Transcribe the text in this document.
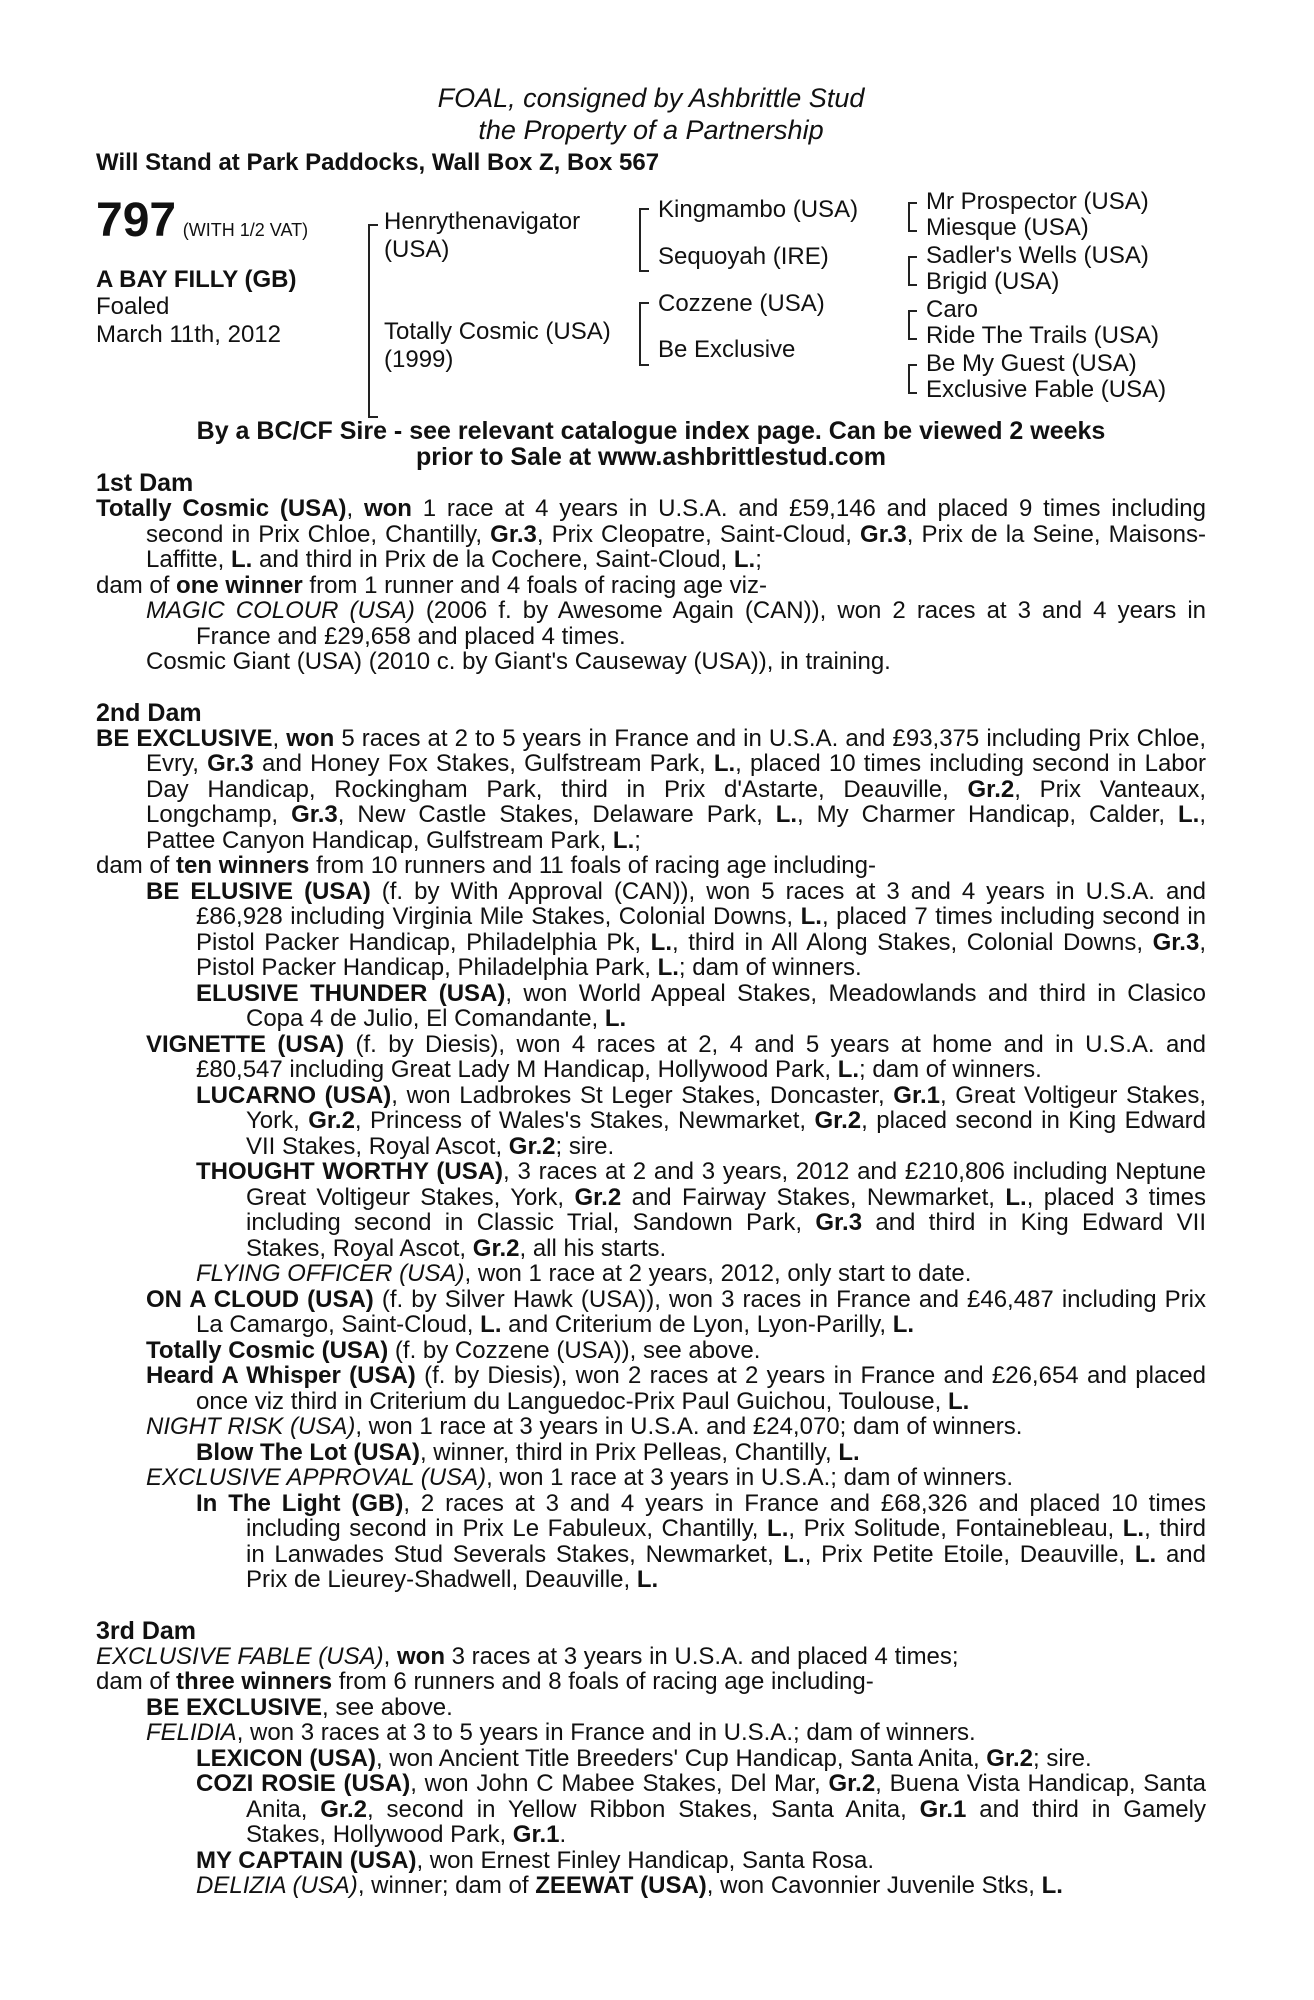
FOAL, consigned by Ashbrittle Stud
the Property of a Partnership
Will Stand at Park Paddocks, Wall Box Z, Box 567
797 (WITH 1/2 VAT)
A BAY FILLY (GB)
Foaled
March 11th, 2012
Henrythenavigator
(USA)
Totally Cosmic (USA)
(1999)
Kingmambo (USA)
Sequoyah (IRE)
Cozzene (USA)
Be Exclusive
Mr Prospector (USA)
Miesque (USA)
Sadler's Wells (USA)
Brigid (USA)
Caro
Ride The Trails (USA)
Be My Guest (USA)
Exclusive Fable (USA)
By a BC/CF Sire - see relevant catalogue index page. Can be viewed 2 weeks
prior to Sale at www.ashbrittlestud.com
1st Dam
Totally Cosmic (USA), won 1 race at 4 years in U.S.A. and £59,146 and placed 9 times including second in Prix Chloe, Chantilly, Gr.3, Prix Cleopatre, Saint-Cloud, Gr.3, Prix de la Seine, Maisons-Laffitte, L. and third in Prix de la Cochere, Saint-Cloud, L.;
dam of one winner from 1 runner and 4 foals of racing age viz-
MAGIC COLOUR (USA) (2006 f. by Awesome Again (CAN)), won 2 races at 3 and 4 years in France and £29,658 and placed 4 times.
Cosmic Giant (USA) (2010 c. by Giant's Causeway (USA)), in training.
2nd Dam
BE EXCLUSIVE, won 5 races at 2 to 5 years in France and in U.S.A. and £93,375 including Prix Chloe, Evry, Gr.3 and Honey Fox Stakes, Gulfstream Park, L., placed 10 times including second in Labor Day Handicap, Rockingham Park, third in Prix d'Astarte, Deauville, Gr.2, Prix Vanteaux, Longchamp, Gr.3, New Castle Stakes, Delaware Park, L., My Charmer Handicap, Calder, L., Pattee Canyon Handicap, Gulfstream Park, L.;
dam of ten winners from 10 runners and 11 foals of racing age including-
BE ELUSIVE (USA) (f. by With Approval (CAN)), won 5 races at 3 and 4 years in U.S.A. and £86,928 including Virginia Mile Stakes, Colonial Downs, L., placed 7 times including second in Pistol Packer Handicap, Philadelphia Pk, L., third in All Along Stakes, Colonial Downs, Gr.3, Pistol Packer Handicap, Philadelphia Park, L.; dam of winners.
ELUSIVE THUNDER (USA), won World Appeal Stakes, Meadowlands and third in Clasico Copa 4 de Julio, El Comandante, L.
VIGNETTE (USA) (f. by Diesis), won 4 races at 2, 4 and 5 years at home and in U.S.A. and £80,547 including Great Lady M Handicap, Hollywood Park, L.; dam of winners.
LUCARNO (USA), won Ladbrokes St Leger Stakes, Doncaster, Gr.1, Great Voltigeur Stakes, York, Gr.2, Princess of Wales's Stakes, Newmarket, Gr.2, placed second in King Edward VII Stakes, Royal Ascot, Gr.2; sire.
THOUGHT WORTHY (USA), 3 races at 2 and 3 years, 2012 and £210,806 including Neptune Great Voltigeur Stakes, York, Gr.2 and Fairway Stakes, Newmarket, L., placed 3 times including second in Classic Trial, Sandown Park, Gr.3 and third in King Edward VII Stakes, Royal Ascot, Gr.2, all his starts.
FLYING OFFICER (USA), won 1 race at 2 years, 2012, only start to date.
ON A CLOUD (USA) (f. by Silver Hawk (USA)), won 3 races in France and £46,487 including Prix La Camargo, Saint-Cloud, L. and Criterium de Lyon, Lyon-Parilly, L.
Totally Cosmic (USA) (f. by Cozzene (USA)), see above.
Heard A Whisper (USA) (f. by Diesis), won 2 races at 2 years in France and £26,654 and placed once viz third in Criterium du Languedoc-Prix Paul Guichou, Toulouse, L.
NIGHT RISK (USA), won 1 race at 3 years in U.S.A. and £24,070; dam of winners.
Blow The Lot (USA), winner, third in Prix Pelleas, Chantilly, L.
EXCLUSIVE APPROVAL (USA), won 1 race at 3 years in U.S.A.; dam of winners.
In The Light (GB), 2 races at 3 and 4 years in France and £68,326 and placed 10 times including second in Prix Le Fabuleux, Chantilly, L., Prix Solitude, Fontainebleau, L., third in Lanwades Stud Severals Stakes, Newmarket, L., Prix Petite Etoile, Deauville, L. and Prix de Lieurey-Shadwell, Deauville, L.
3rd Dam
EXCLUSIVE FABLE (USA), won 3 races at 3 years in U.S.A. and placed 4 times;
dam of three winners from 6 runners and 8 foals of racing age including-
BE EXCLUSIVE, see above.
FELIDIA, won 3 races at 3 to 5 years in France and in U.S.A.; dam of winners.
LEXICON (USA), won Ancient Title Breeders' Cup Handicap, Santa Anita, Gr.2; sire.
COZI ROSIE (USA), won John C Mabee Stakes, Del Mar, Gr.2, Buena Vista Handicap, Santa Anita, Gr.2, second in Yellow Ribbon Stakes, Santa Anita, Gr.1 and third in Gamely Stakes, Hollywood Park, Gr.1.
MY CAPTAIN (USA), won Ernest Finley Handicap, Santa Rosa.
DELIZIA (USA), winner; dam of ZEEWAT (USA), won Cavonnier Juvenile Stks, L.
